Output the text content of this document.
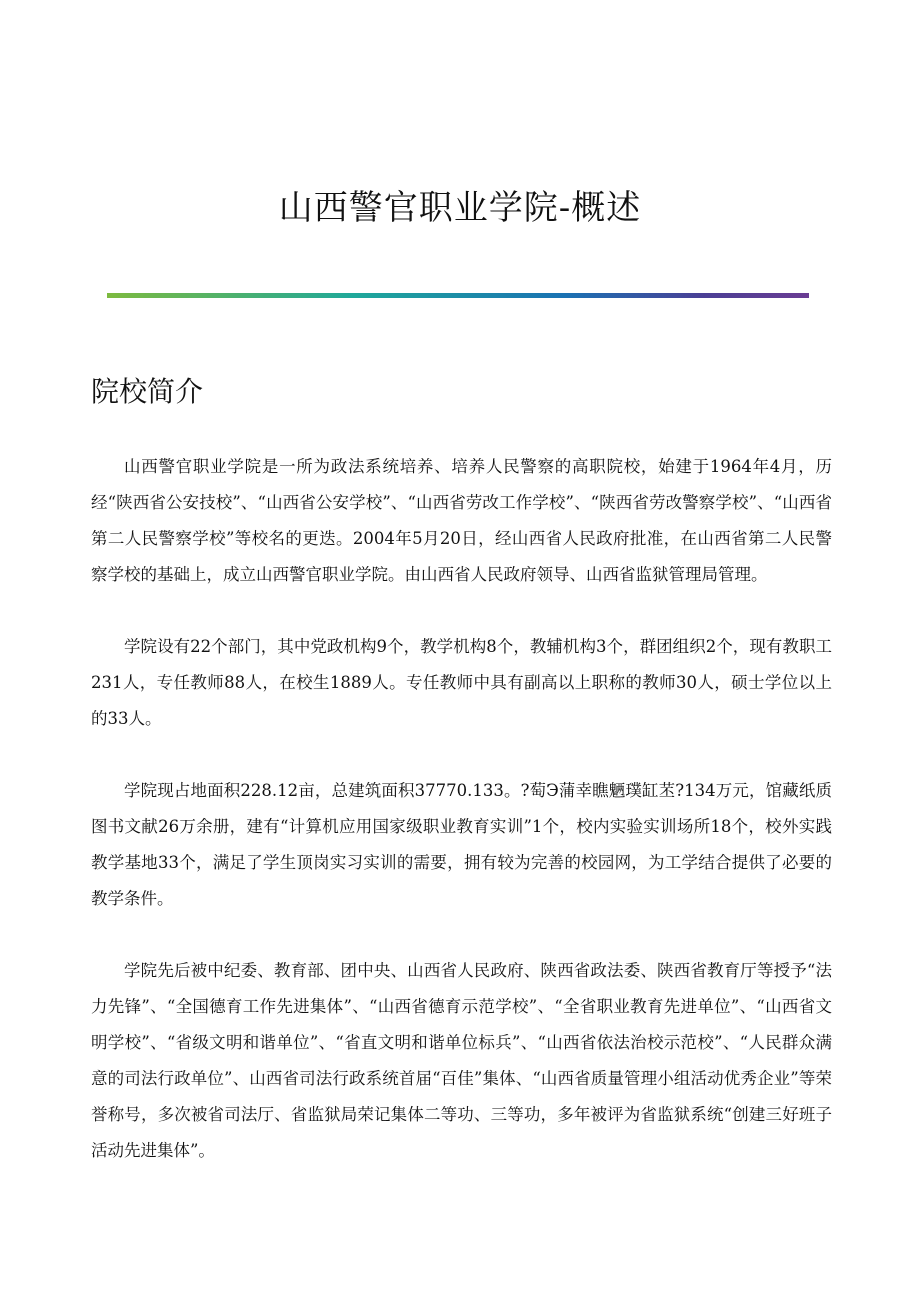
山西警官职业学院-概述
院校简介

山西警官职业学院是一所为政法系统培养、培养人民警察的高职院校，始建于1964年4月，历经“陕西省公安技校”、“山西省公安学校”、“山西省劳改工作学校”、“陕西省劳改警察学校”、“山西省第二人民警察学校”等校名的更迭。2004年5月20日，经山西省人民政府批准，在山西省第二人民警察学校的基础上，成立山西警官职业学院。由山西省人民政府领导、山西省监狱管理局管理。

学院设有22个部门，其中党政机构9个，教学机构8个，教辅机构3个，群团组织2个，现有教职工231人，专任教师88人，在校生1889人。专任教师中具有副高以上职称的教师30人，硕士学位以上的33人。

学院现占地面积228.12亩，总建筑面积37770.133。?萄Э蒲幸瞧魉璞缸苤?134万元，馆藏纸质图书文献26万余册，建有“计算机应用国家级职业教育实训”1个，校内实验实训场所18个，校外实践教学基地33个，满足了学生顶岗实习实训的需要，拥有较为完善的校园网，为工学结合提供了必要的教学条件。

学院先后被中纪委、教育部、团中央、山西省人民政府、陕西省政法委、陕西省教育厅等授予“法力先锋”、“全国德育工作先进集体”、“山西省德育示范学校”、“全省职业教育先进单位”、“山西省文明学校”、“省级文明和谐单位”、“省直文明和谐单位标兵”、“山西省依法治校示范校”、“人民群众满意的司法行政单位”、山西省司法行政系统首届“百佳”集体、“山西省质量管理小组活动优秀企业”等荣誉称号，多次被省司法厅、省监狱局荣记集体二等功、三等功，多年被评为省监狱系统“创建三好班子活动先进集体”。
